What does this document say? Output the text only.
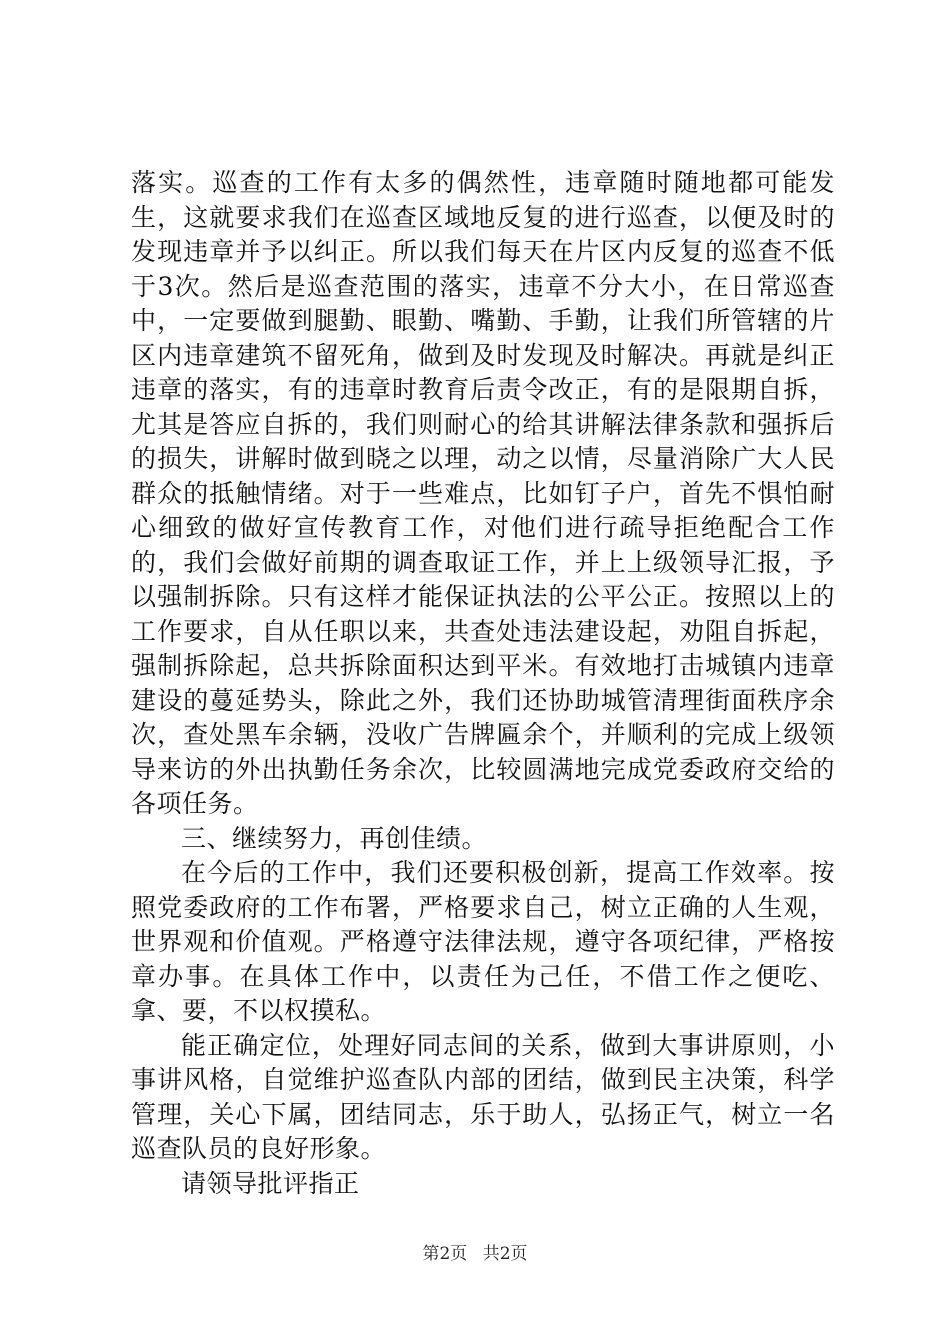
落实。巡查的工作有太多的偶然性，违章随时随地都可能发生，这就要求我们在巡查区域地反复的进行巡查，以便及时的发现违章并予以纠正。所以我们每天在片区内反复的巡查不低于3次。然后是巡查范围的落实，违章不分大小，在日常巡查中，一定要做到腿勤、眼勤、嘴勤、手勤，让我们所管辖的片区内违章建筑不留死角，做到及时发现及时解决。再就是纠正违章的落实，有的违章时教育后责令改正，有的是限期自拆，尤其是答应自拆的，我们则耐心的给其讲解法律条款和强拆后的损失，讲解时做到晓之以理，动之以情，尽量消除广大人民群众的抵触情绪。对于一些难点，比如钉子户，首先不惧怕耐心细致的做好宣传教育工作，对他们进行疏导拒绝配合工作的，我们会做好前期的调查取证工作，并上上级领导汇报，予以强制拆除。只有这样才能保证执法的公平公正。按照以上的工作要求，自从任职以来，共查处违法建设起，劝阻自拆起，强制拆除起，总共拆除面积达到平米。有效地打击城镇内违章建设的蔓延势头，除此之外，我们还协助城管清理街面秩序余次，查处黑车余辆，没收广告牌匾余个，并顺利的完成上级领导来访的外出执勤任务余次，比较圆满地完成党委政府交给的各项任务。

三、继续努力，再创佳绩。

在今后的工作中，我们还要积极创新，提高工作效率。按照党委政府的工作布署，严格要求自己，树立正确的人生观，世界观和价值观。严格遵守法律法规，遵守各项纪律，严格按章办事。在具体工作中，以责任为己任，不借工作之便吃、拿、要，不以权摸私。

能正确定位，处理好同志间的关系，做到大事讲原则，小事讲风格，自觉维护巡查队内部的团结，做到民主决策，科学管理，关心下属，团结同志，乐于助人，弘扬正气，树立一名巡查队员的良好形象。

请领导批评指正

第2页 共2页
